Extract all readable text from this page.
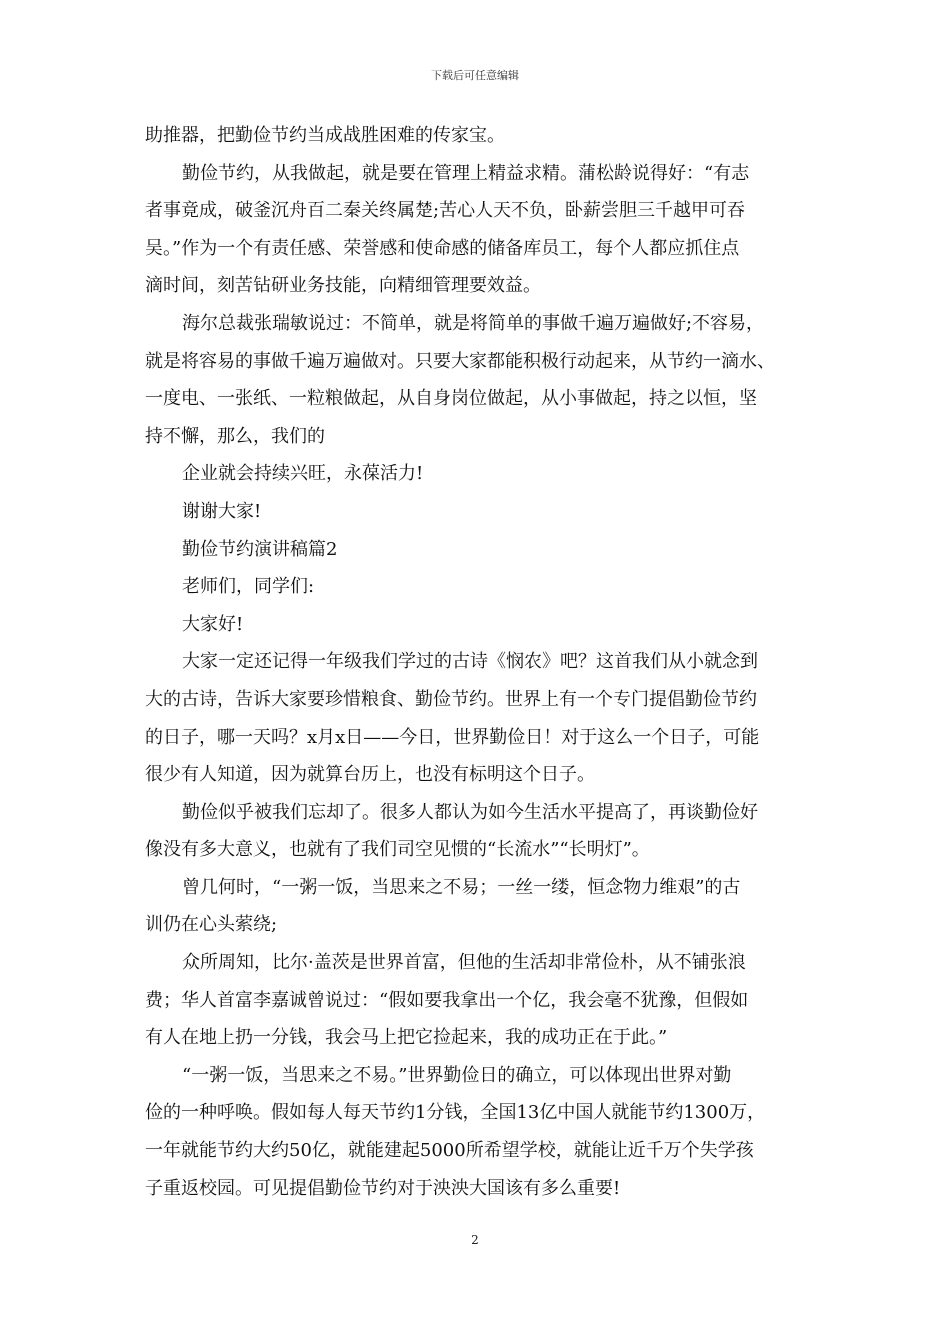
下载后可任意编辑
助推器，把勤俭节约当成战胜困难的传家宝。
勤俭节约，从我做起，就是要在管理上精益求精。蒲松龄说得好：“有志
者事竟成，破釜沉舟百二秦关终属楚;苦心人天不负，卧薪尝胆三千越甲可吞
吴。”作为一个有责任感、荣誉感和使命感的储备库员工，每个人都应抓住点
滴时间，刻苦钻研业务技能，向精细管理要效益。
海尔总裁张瑞敏说过：不简单，就是将简单的事做千遍万遍做好;不容易，
就是将容易的事做千遍万遍做对。只要大家都能积极行动起来，从节约一滴水、
一度电、一张纸、一粒粮做起，从自身岗位做起，从小事做起，持之以恒，坚
持不懈，那么，我们的
企业就会持续兴旺，永葆活力!
谢谢大家!
勤俭节约演讲稿篇2
老师们，同学们:
大家好!
大家一定还记得一年级我们学过的古诗《悯农》吧？这首我们从小就念到
大的古诗，告诉大家要珍惜粮食、勤俭节约。世界上有一个专门提倡勤俭节约
的日子，哪一天吗？x月x日——今日，世界勤俭日！对于这么一个日子，可能
很少有人知道，因为就算台历上，也没有标明这个日子。
勤俭似乎被我们忘却了。很多人都认为如今生活水平提高了，再谈勤俭好
像没有多大意义，也就有了我们司空见惯的“长流水”“长明灯”。
曾几何时，“一粥一饭，当思来之不易；一丝一缕，恒念物力维艰”的古
训仍在心头萦绕;
众所周知，比尔·盖茨是世界首富，但他的生活却非常俭朴，从不铺张浪
费；华人首富李嘉诚曾说过：“假如要我拿出一个亿，我会毫不犹豫，但假如
有人在地上扔一分钱，我会马上把它捡起来，我的成功正在于此。”
“一粥一饭，当思来之不易。”世界勤俭日的确立，可以体现出世界对勤
俭的一种呼唤。假如每人每天节约1分钱，全国13亿中国人就能节约1300万，
一年就能节约大约50亿，就能建起5000所希望学校，就能让近千万个失学孩
子重返校园。可见提倡勤俭节约对于泱泱大国该有多么重要!
2
